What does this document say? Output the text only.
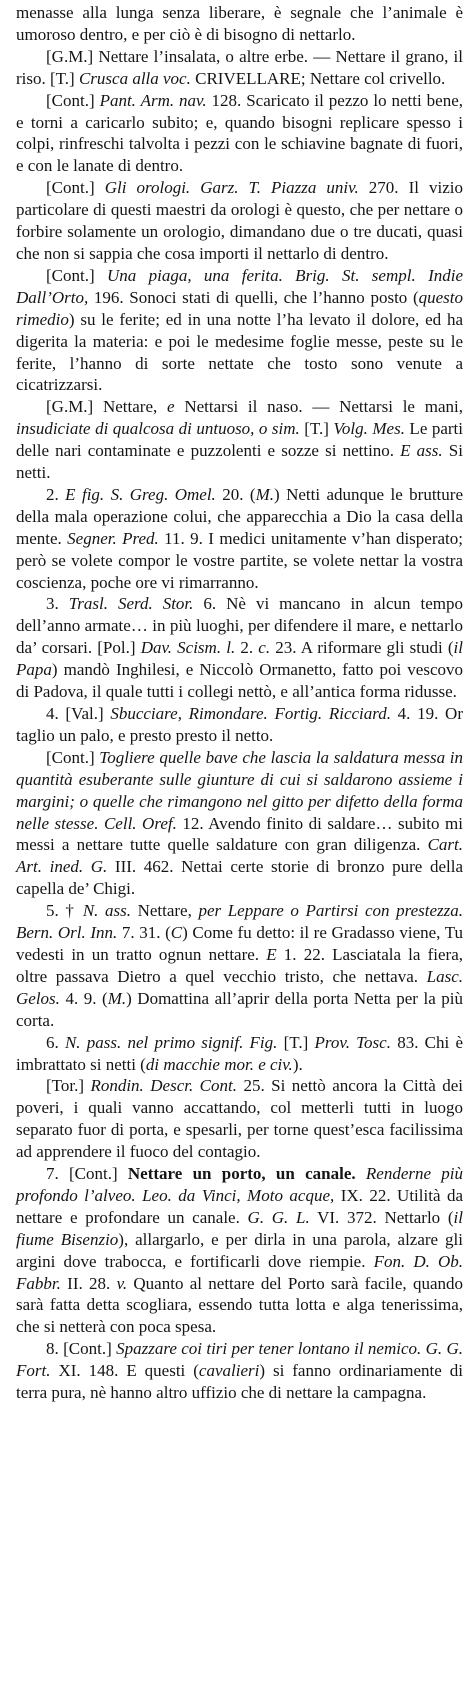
menasse alla lunga senza liberare, è segnale che l’animale è umoroso dentro, e per ciò è di bisogno di nettarlo.

[G.M.] Nettare l’insalata, o altre erbe. — Nettare il grano, il riso. [T.] Crusca alla voc. CRIVELLARE; Nettare col crivello.

[Cont.] Pant. Arm. nav. 128. Scaricato il pezzo lo netti bene, e torni a caricarlo subito; e, quando bisogni replicare spesso i colpi, rinfreschi talvolta i pezzi con le schiavine bagnate di fuori, e con le lanate di dentro.

[Cont.] Gli orologi. Garz. T. Piazza univ. 270. Il vizio particolare di questi maestri da orologi è questo, che per nettare o forbire solamente un orologio, dimandano due o tre ducati, quasi che non si sappia che cosa importi il nettarlo di dentro.

[Cont.] Una piaga, una ferita. Brig. St. sempl. Indie Dall’Orto, 196. Sonoci stati di quelli, che l’hanno posto (questo rimedio) su le ferite; ed in una notte l’ha levato il dolore, ed ha digerita la materia: e poi le medesime foglie messe, peste su le ferite, l’hanno di sorte nettate che tosto sono venute a cicatrizzarsi.

[G.M.] Nettare, e Nettarsi il naso. — Nettarsi le mani, insudiciate di qualcosa di untuoso, o sim. [T.] Volg. Mes. Le parti delle nari contaminate e puzzolenti e sozze si nettino. E ass. Si netti.

2. E fig. S. Greg. Omel. 20. (M.) Netti adunque le brutture della mala operazione colui, che apparecchia a Dio la casa della mente. Segner. Pred. 11. 9. I medici unitamente v’han disperato; però se volete compor le vostre partite, se volete nettar la vostra coscienza, poche ore vi rimarranno.

3. Trasl. Serd. Stor. 6. Nè vi mancano in alcun tempo dell’anno armate… in più luoghi, per difendere il mare, e nettarlo da’ corsari. [Pol.] Dav. Scism. l. 2. c. 23. A riformare gli studi (il Papa) mandò Inghilesi, e Niccolò Ormanetto, fatto poi vescovo di Padova, il quale tutti i collegi nettò, e all’antica forma ridusse.

4. [Val.] Sbucciare, Rimondare. Fortig. Ricciard. 4. 19. Or taglio un palo, e presto presto il netto.

[Cont.] Togliere quelle bave che lascia la saldatura messa in quantità esuberante sulle giunture di cui si saldarono assieme i margini; o quelle che rimangono nel gitto per difetto della forma nelle stesse. Cell. Oref. 12. Avendo finito di saldare… subito mi messi a nettare tutte quelle saldature con gran diligenza. Cart. Art. ined. G. III. 462. Nettai certe storie di bronzo pure della capella de’ Chigi.

5. † N. ass. Nettare, per Leppare o Partirsi con prestezza. Bern. Orl. Inn. 7. 31. (C) Come fu detto: il re Gradasso viene, Tu vedesti in un tratto ognun nettare. E 1. 22. Lasciatala la fiera, oltre passava Dietro a quel vecchio tristo, che nettava. Lasc. Gelos. 4. 9. (M.) Domattina all’aprir della porta Netta per la più corta.

6. N. pass. nel primo signif. Fig. [T.] Prov. Tosc. 83. Chi è imbrattato si netti (di macchie mor. e civ.).

[Tor.] Rondin. Descr. Cont. 25. Si nettò ancora la Città dei poveri, i quali vanno accattando, col metterli tutti in luogo separato fuor di porta, e spesarli, per torne quest’esca facilissima ad apprendere il fuoco del contagio.

7. [Cont.] Nettare un porto, un canale. Renderne più profondo l’alveo. Leo. da Vinci, Moto acque, IX. 22. Utilità da nettare e profondare un canale. G. G. L. VI. 372. Nettarlo (il fiume Bisenzio), allargarlo, e per dirla in una parola, alzare gli argini dove trabocca, e fortificarli dove riempie. Fon. D. Ob. Fabbr. II. 28. v. Quanto al nettare del Porto sarà facile, quando sarà fatta detta scogliara, essendo tutta lotta e alga tenerissima, che si netterà con poca spesa.

8. [Cont.] Spazzare coi tiri per tener lontano il nemico. G. G. Fort. XI. 148. E questi (cavalieri) si fanno ordinariamente di terra pura, nè hanno altro uffizio che di nettare la campagna.
